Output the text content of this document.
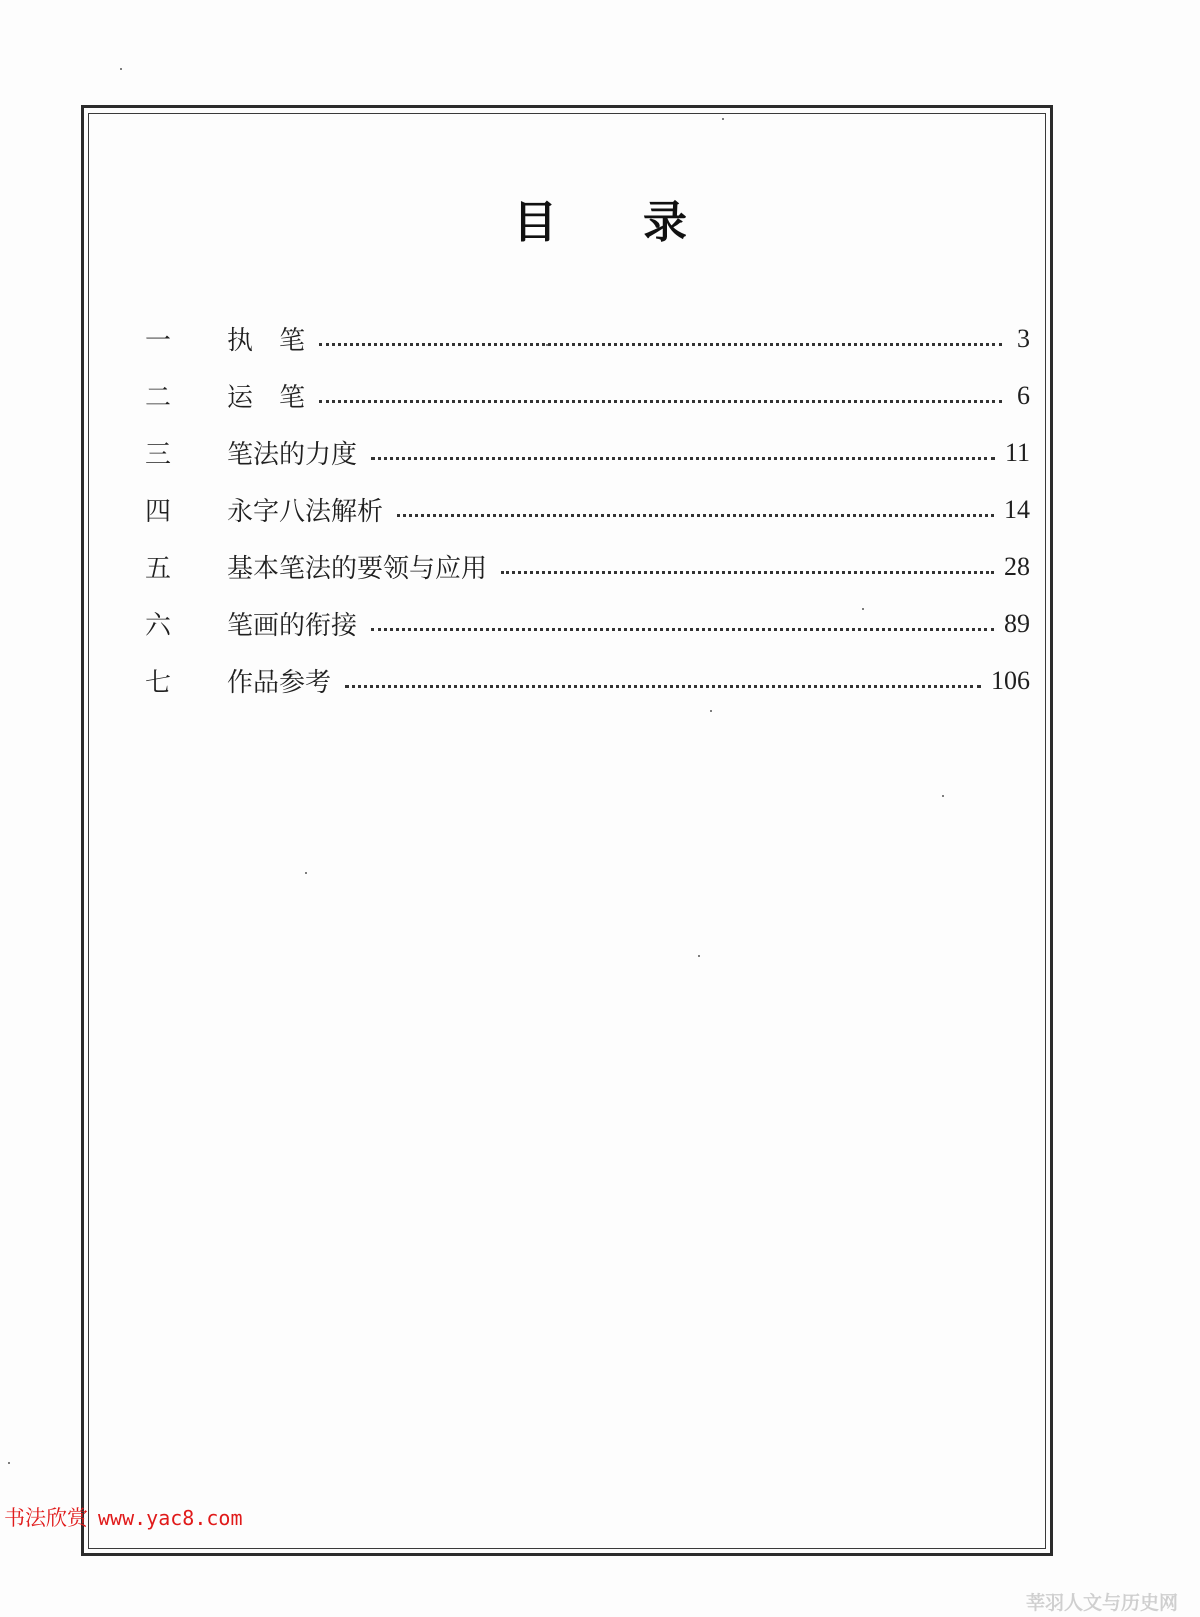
目 录
一	执　笔	3
二	运　笔	6
三	笔法的力度	11
四	永字八法解析	14
五	基本笔法的要领与应用	28
六	笔画的衔接	89
七	作品参考	106
书法欣赏 www.yac8.com
莘羽人文与历史网
